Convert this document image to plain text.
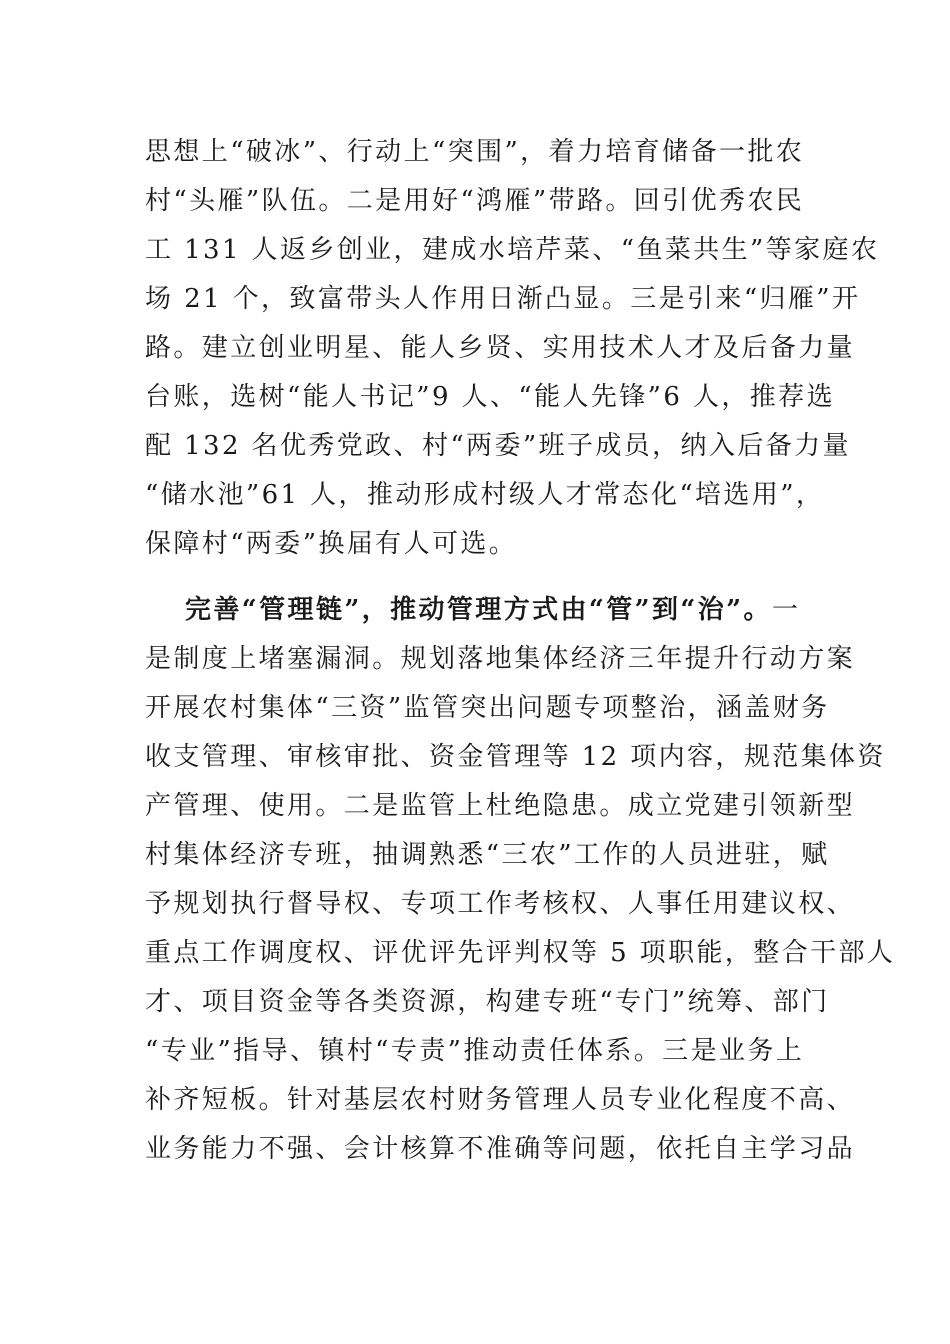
思想上“破冰”、行动上“突围”，着力培育储备一批农
村“头雁”队伍。二是用好“鸿雁”带路。回引优秀农民
工 131 人返乡创业，建成水培芹菜、“鱼菜共生”等家庭农
场 21 个，致富带头人作用日渐凸显。三是引来“归雁”开
路。建立创业明星、能人乡贤、实用技术人才及后备力量
台账，选树“能人书记”9 人、“能人先锋”6 人，推荐选
配 132 名优秀党政、村“两委”班子成员，纳入后备力量
“储水池”61 人，推动形成村级人才常态化“培选用”，
保障村“两委”换届有人可选。
完善“管理链”，推动管理方式由“管”到“治”。一
是制度上堵塞漏洞。规划落地集体经济三年提升行动方案
开展农村集体“三资”监管突出问题专项整治，涵盖财务
收支管理、审核审批、资金管理等 12 项内容，规范集体资
产管理、使用。二是监管上杜绝隐患。成立党建引领新型
村集体经济专班，抽调熟悉“三农”工作的人员进驻，赋
予规划执行督导权、专项工作考核权、人事任用建议权、
重点工作调度权、评优评先评判权等 5 项职能，整合干部人
才、项目资金等各类资源，构建专班“专门”统筹、部门
“专业”指导、镇村“专责”推动责任体系。三是业务上
补齐短板。针对基层农村财务管理人员专业化程度不高、
业务能力不强、会计核算不准确等问题，依托自主学习品
